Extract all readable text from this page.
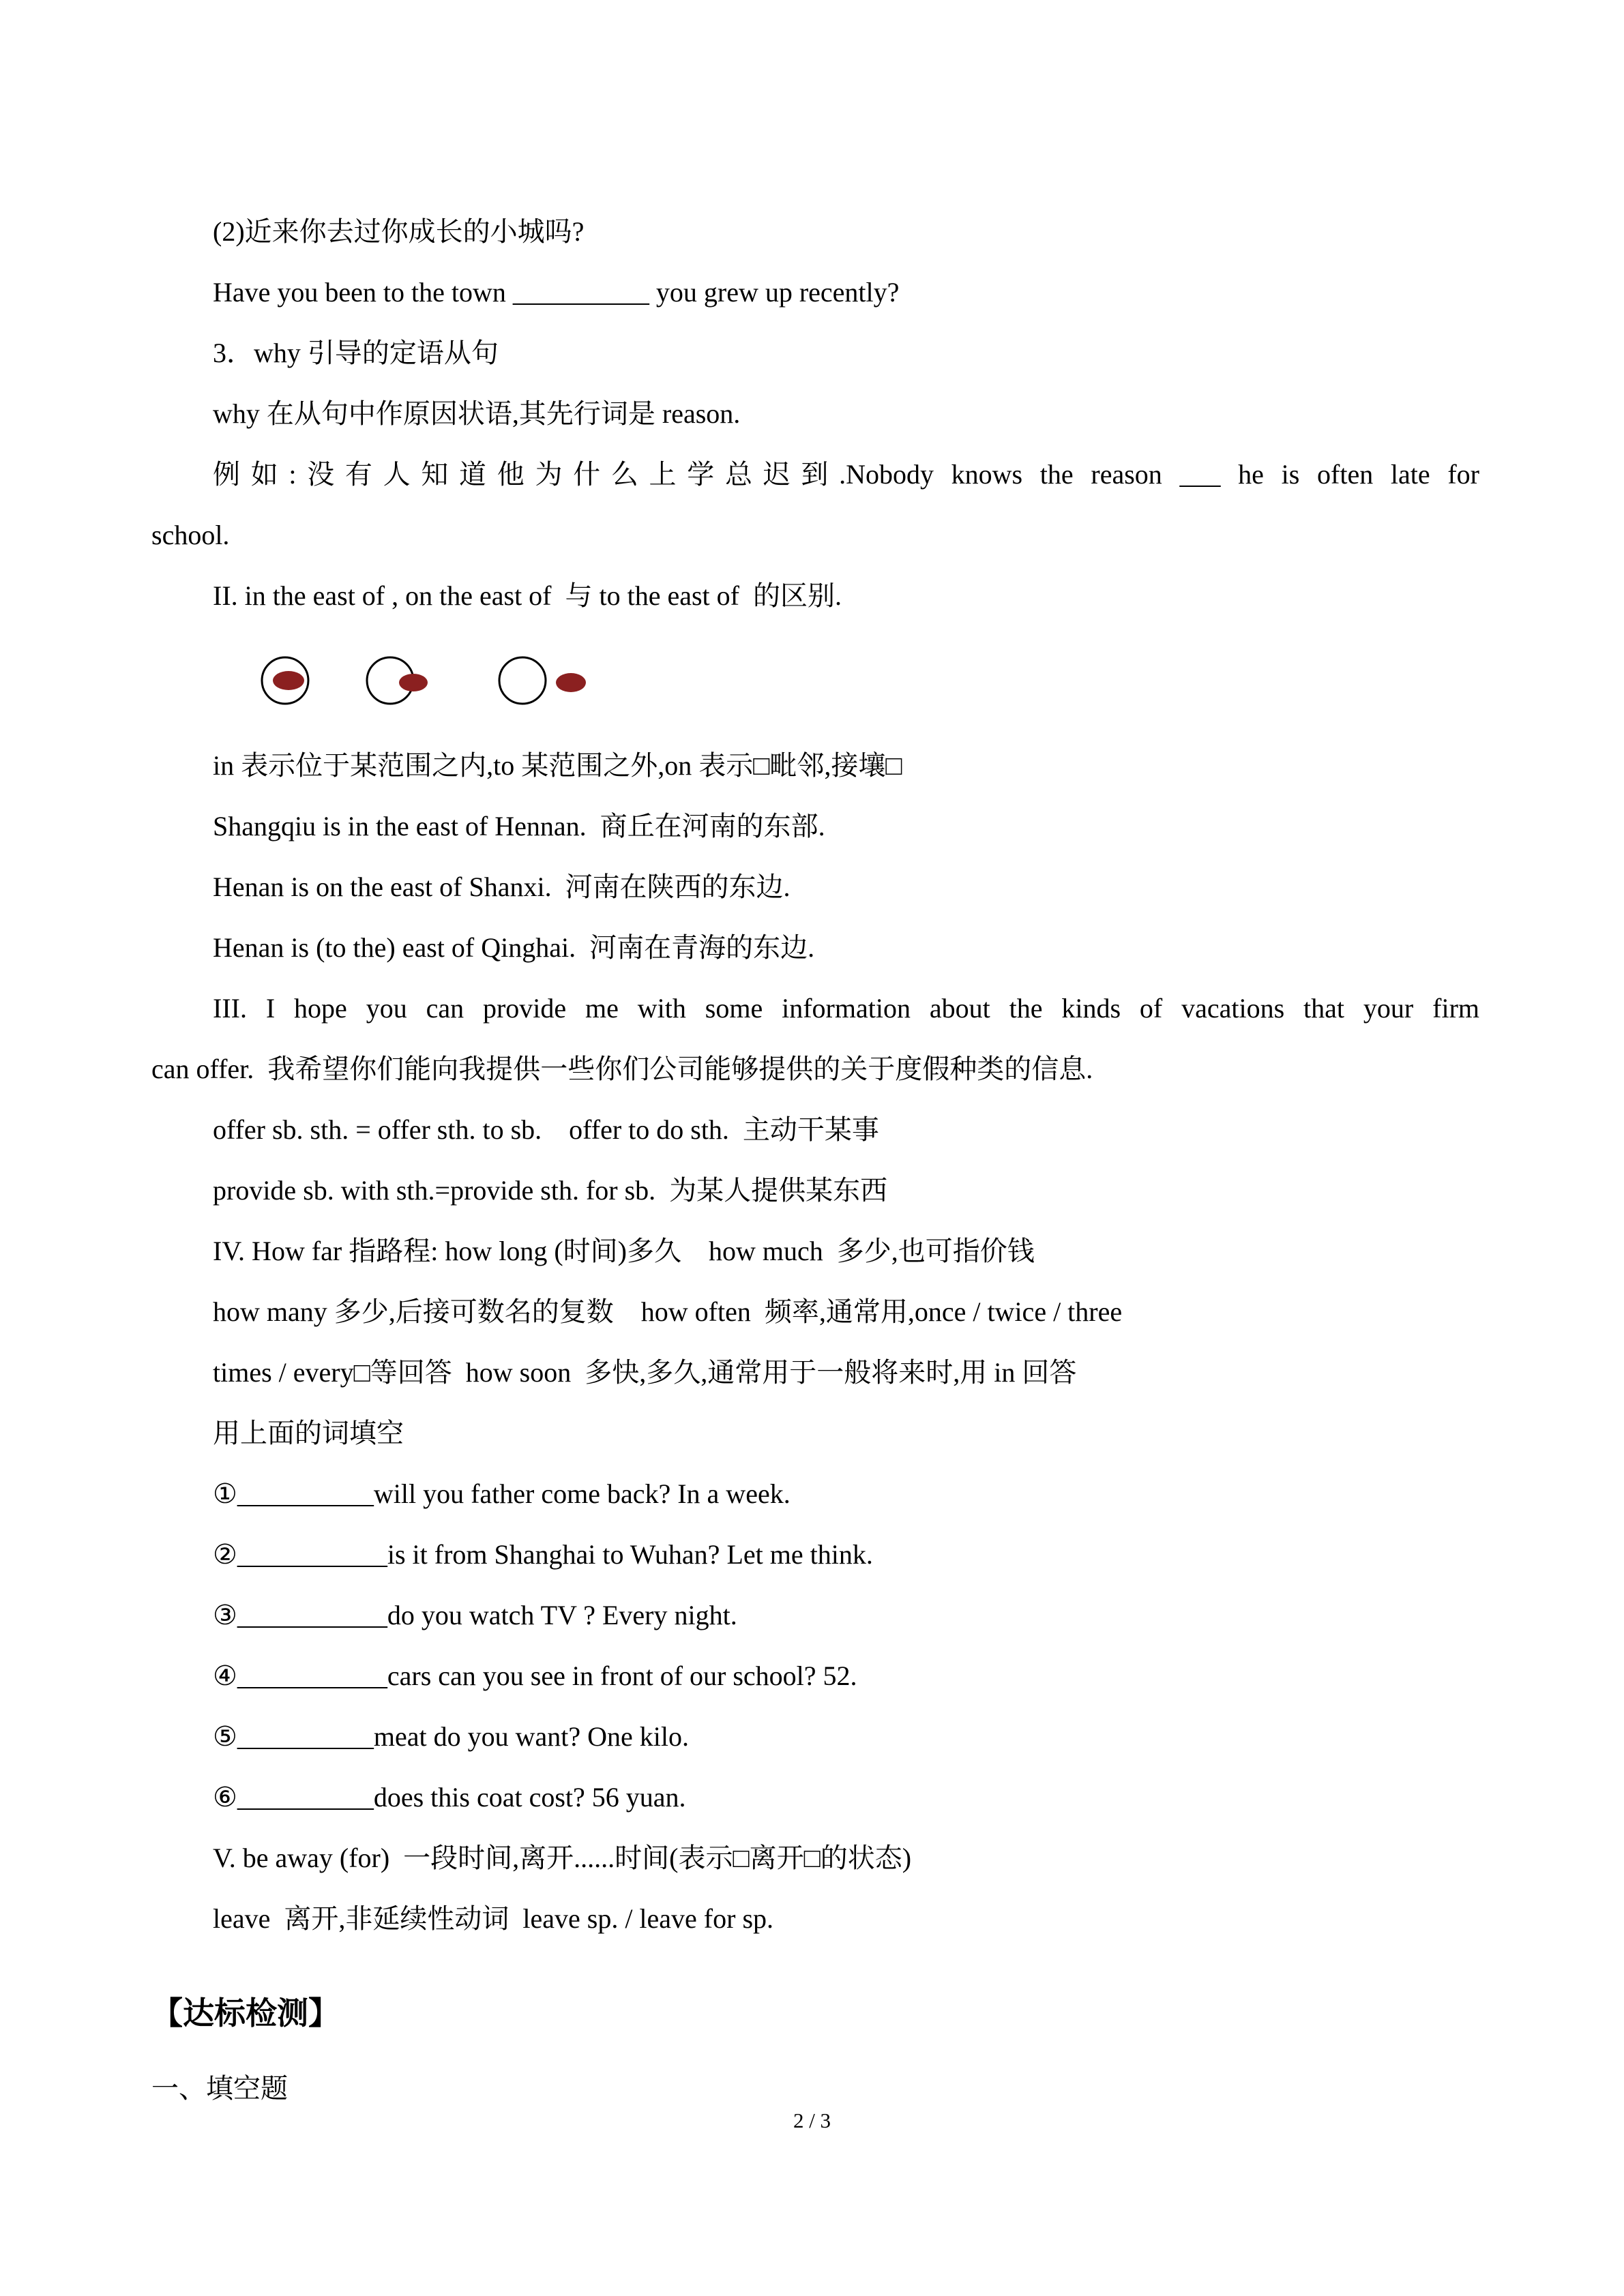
(2)近来你去过你成长的小城吗?

Have you been to the town __________ you grew up recently?

3．why 引导的定语从句

why 在从句中作原因状语,其先行词是 reason.

例如:没有人知道他为什么上学总迟到.Nobody knows the reason ___ he is often late for

school.

II. in the east of , on the east of  与 to the east of  的区别.

in 表示位于某范围之内,to 某范围之外,on 表示□毗邻,接壤□

Shangqiu is in the east of Hennan.  商丘在河南的东部.

Henan is on the east of Shanxi.  河南在陕西的东边.

Henan is (to the) east of Qinghai.  河南在青海的东边.

III. I hope you can provide me with some information about the kinds of vacations that your firm

can offer.  我希望你们能向我提供一些你们公司能够提供的关于度假种类的信息.

offer sb. sth. = offer sth. to sb.    offer to do sth.  主动干某事

provide sb. with sth.=provide sth. for sb.  为某人提供某东西

IV. How far 指路程: how long (时间)多久    how much  多少,也可指价钱

how many 多少,后接可数名的复数    how often  频率,通常用,once / twice / three

times / every□等回答  how soon  多快,多久,通常用于一般将来时,用 in 回答

用上面的词填空

①__________will you father come back? In a week.

②___________is it from Shanghai to Wuhan? Let me think.

③___________do you watch TV ? Every night.

④___________cars can you see in front of our school? 52.

⑤__________meat do you want? One kilo.

⑥__________does this coat cost? 56 yuan.

V. be away (for)  一段时间,离开......时间(表示□离开□的状态)

leave  离开,非延续性动词  leave sp. / leave for sp.

【达标检测】

一、填空题

2 / 3
